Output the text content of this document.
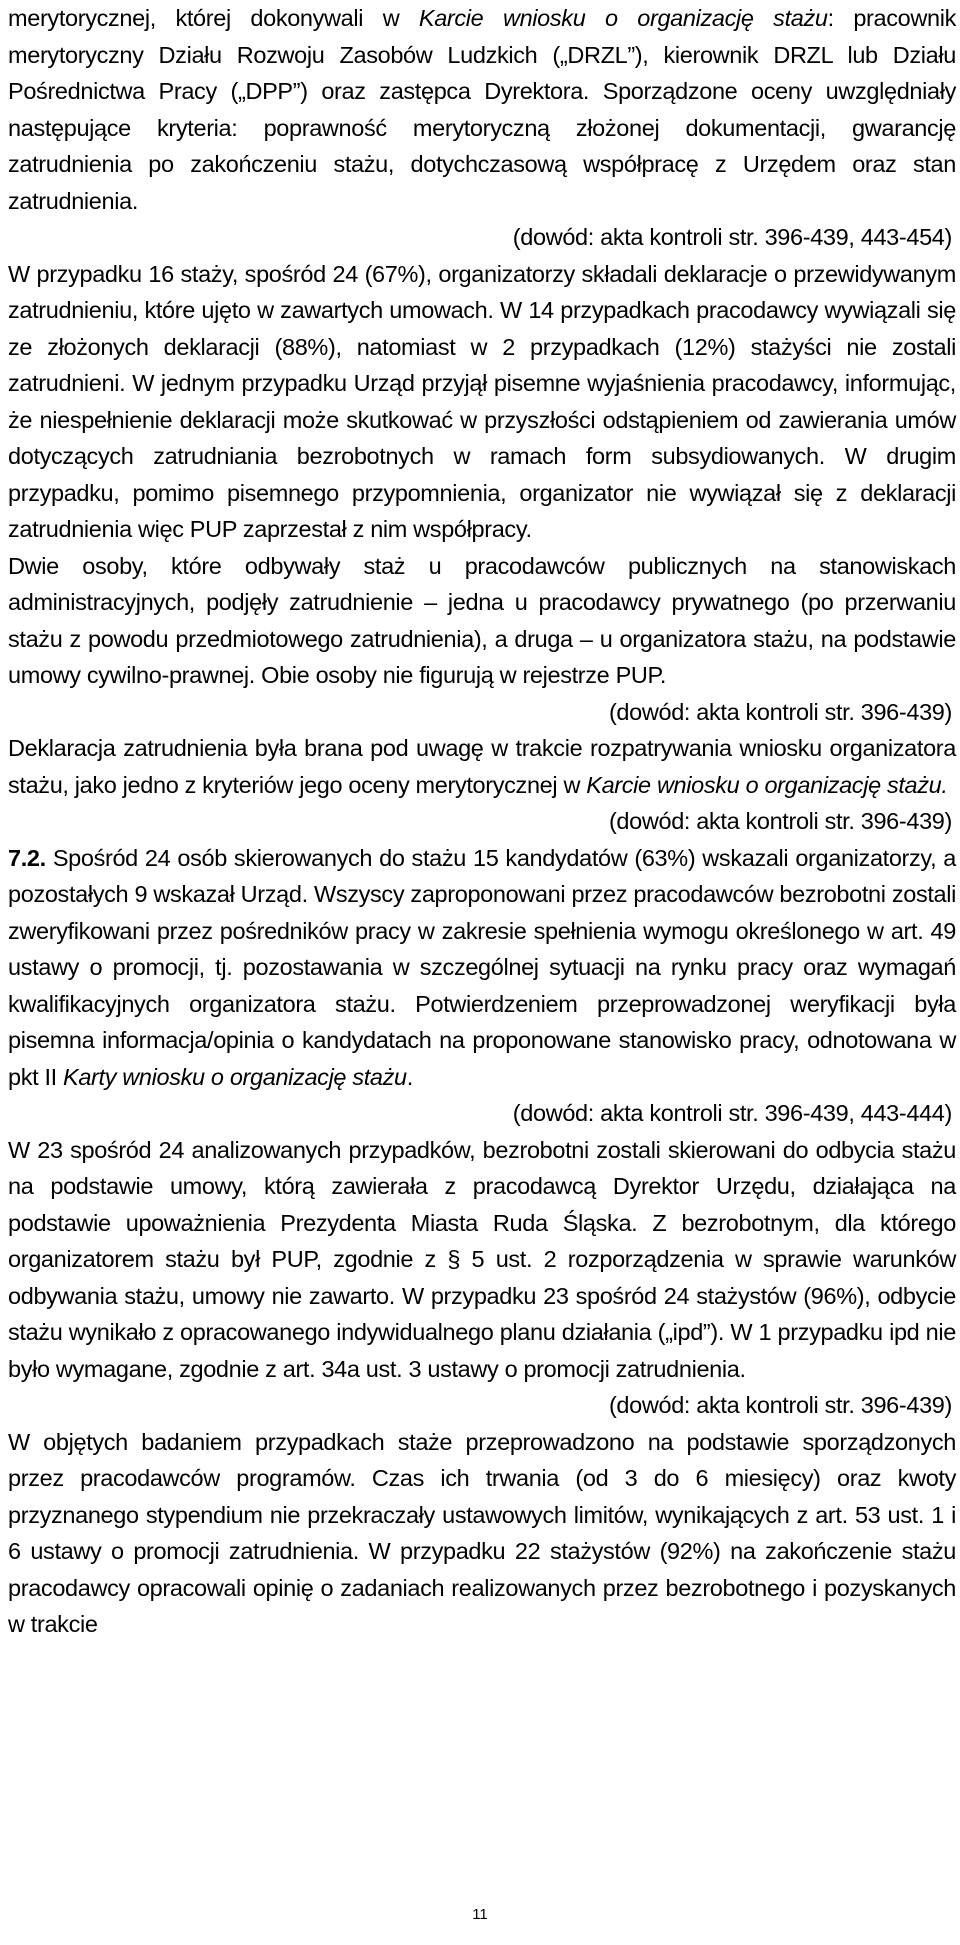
merytorycznej, której dokonywali w Karcie wniosku o organizację stażu: pracownik merytoryczny Działu Rozwoju Zasobów Ludzkich („DRZL”), kierownik DRZL lub Działu Pośrednictwa Pracy („DPP”) oraz zastępca Dyrektora. Sporządzone oceny uwzględniały następujące kryteria: poprawność merytoryczną złożonej dokumentacji, gwarancję zatrudnienia po zakończeniu stażu, dotychczasową współpracę z Urzędem oraz stan zatrudnienia.

(dowód: akta kontroli str. 396-439, 443-454)

W przypadku 16 staży, spośród 24 (67%), organizatorzy składali deklaracje o przewidywanym zatrudnieniu, które ujęto w zawartych umowach. W 14 przypadkach pracodawcy wywiązali się ze złożonych deklaracji (88%), natomiast w 2 przypadkach (12%) stażyści nie zostali zatrudnieni. W jednym przypadku Urząd przyjął pisemne wyjaśnienia pracodawcy, informując, że niespełnienie deklaracji może skutkować w przyszłości odstąpieniem od zawierania umów dotyczących zatrudniania bezrobotnych w ramach form subsydiowanych. W drugim przypadku, pomimo pisemnego przypomnienia, organizator nie wywiązał się z deklaracji zatrudnienia więc PUP zaprzestał z nim współpracy.

Dwie osoby, które odbywały staż u pracodawców publicznych na stanowiskach administracyjnych, podjęły zatrudnienie – jedna u pracodawcy prywatnego (po przerwaniu stażu z powodu przedmiotowego zatrudnienia), a druga – u organizatora stażu, na podstawie umowy cywilno-prawnej. Obie osoby nie figurują w rejestrze PUP.

(dowód: akta kontroli str. 396-439)

Deklaracja zatrudnienia była brana pod uwagę w trakcie rozpatrywania wniosku organizatora stażu, jako jedno z kryteriów jego oceny merytorycznej w Karcie wniosku o organizację stażu.

(dowód: akta kontroli str. 396-439)

7.2. Spośród 24 osób skierowanych do stażu 15 kandydatów (63%) wskazali organizatorzy, a pozostałych 9 wskazał Urząd. Wszyscy zaproponowani przez pracodawców bezrobotni zostali zweryfikowani przez pośredników pracy w zakresie spełnienia wymogu określonego w art. 49 ustawy o promocji, tj. pozostawania w szczególnej sytuacji na rynku pracy oraz wymagań kwalifikacyjnych organizatora stażu. Potwierdzeniem przeprowadzonej weryfikacji była pisemna informacja/opinia o kandydatach na proponowane stanowisko pracy, odnotowana w pkt II Karty wniosku o organizację stażu.

(dowód: akta kontroli str. 396-439, 443-444)

W 23 spośród 24 analizowanych przypadków, bezrobotni zostali skierowani do odbycia stażu na podstawie umowy, którą zawierała z pracodawcą Dyrektor Urzędu, działająca na podstawie upoważnienia Prezydenta Miasta Ruda Śląska. Z bezrobotnym, dla którego organizatorem stażu był PUP, zgodnie z § 5 ust. 2 rozporządzenia w sprawie warunków odbywania stażu, umowy nie zawarto. W przypadku 23 spośród 24 stażystów (96%), odbycie stażu wynikało z opracowanego indywidualnego planu działania („ipd”). W 1 przypadku ipd nie było wymagane, zgodnie z art. 34a ust. 3 ustawy o promocji zatrudnienia.

(dowód: akta kontroli str. 396-439)

W objętych badaniem przypadkach staże przeprowadzono na podstawie sporządzonych przez pracodawców programów. Czas ich trwania (od 3 do 6 miesięcy) oraz kwoty przyznanego stypendium nie przekraczały ustawowych limitów, wynikających z art. 53 ust. 1 i 6 ustawy o promocji zatrudnienia. W przypadku 22 stażystów (92%) na zakończenie stażu pracodawcy opracowali opinię o zadaniach realizowanych przez bezrobotnego i pozyskanych w trakcie

11
